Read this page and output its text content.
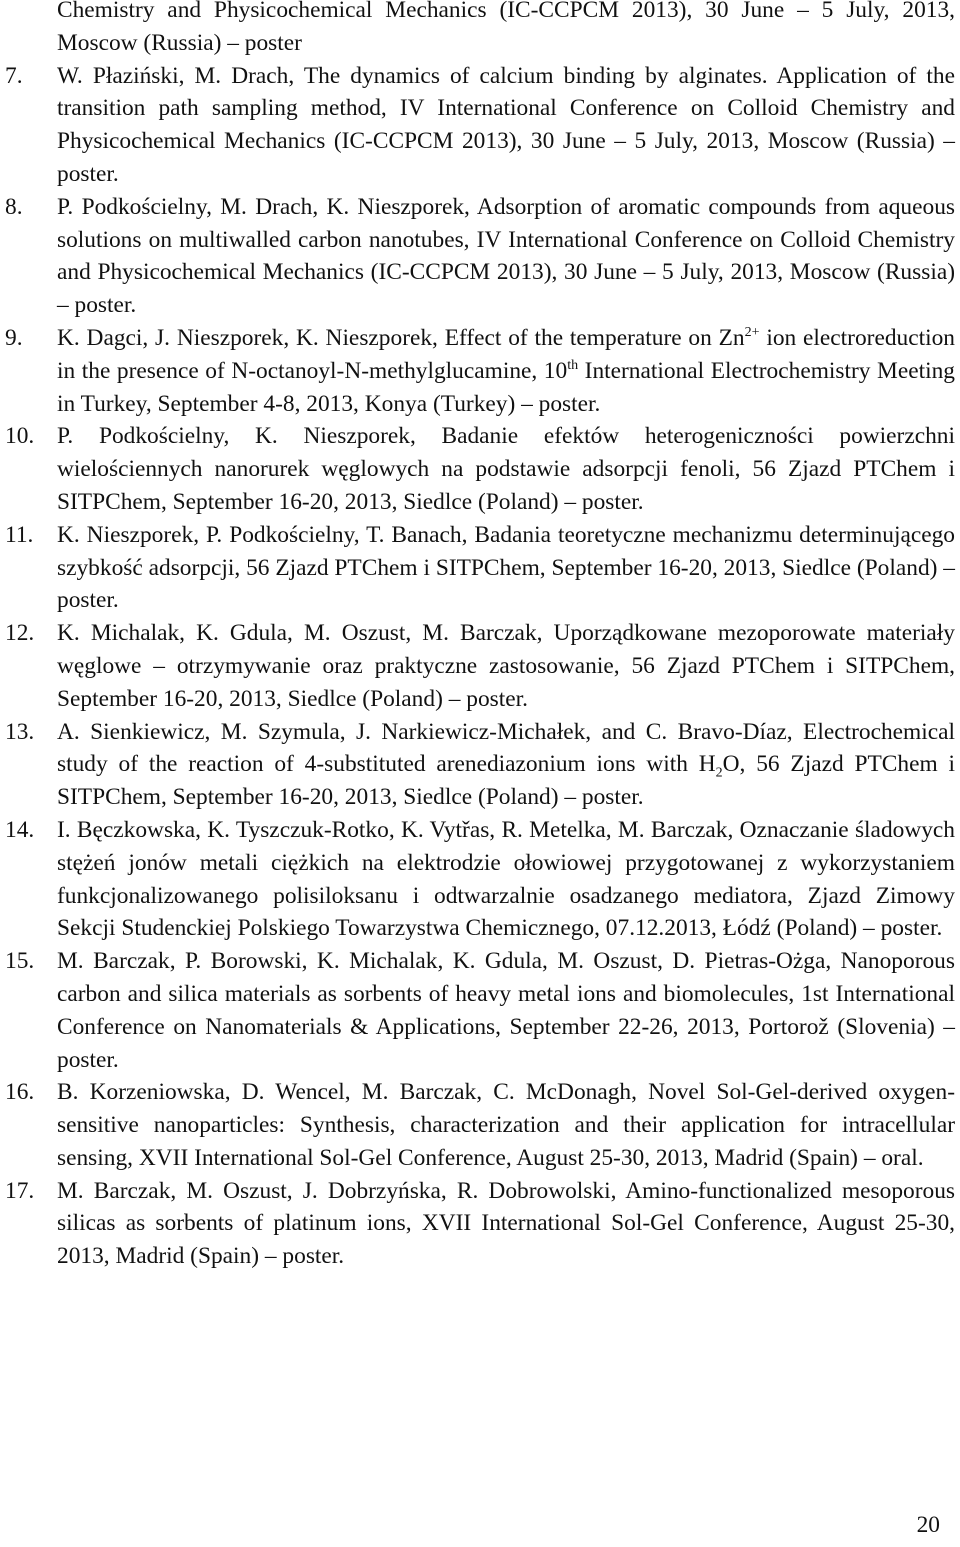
Chemistry and Physicochemical Mechanics (IC-CCPCM 2013), 30 June – 5 July, 2013, Moscow (Russia) – poster
7. W. Płaziński, M. Drach, The dynamics of calcium binding by alginates. Application of the transition path sampling method, IV International Conference on Colloid Chemistry and Physicochemical Mechanics (IC-CCPCM 2013), 30 June – 5 July, 2013, Moscow (Russia) – poster.
8. P. Podkościelny, M. Drach, K. Nieszporek, Adsorption of aromatic compounds from aqueous solutions on multiwalled carbon nanotubes, IV International Conference on Colloid Chemistry and Physicochemical Mechanics (IC-CCPCM 2013), 30 June – 5 July, 2013, Moscow (Russia) – poster.
9. K. Dagci, J. Nieszporek, K. Nieszporek, Effect of the temperature on $Zn^{2+}$ ion electroreduction in the presence of N-octanoyl-N-methylglucamine, 10th International Electrochemistry Meeting in Turkey, September 4-8, 2013, Konya (Turkey) – poster.
10. P. Podkościelny, K. Nieszporek, Badanie efektów heterogeniczności powierzchni wielościennych nanorurek węglowych na podstawie adsorpcji fenoli, 56 Zjazd PTChem i SITPChem, September 16-20, 2013, Siedlce (Poland) – poster.
11. K. Nieszporek, P. Podkościelny, T. Banach, Badania teoretyczne mechanizmu determinującego szybkość adsorpcji, 56 Zjazd PTChem i SITPChem, September 16-20, 2013, Siedlce (Poland) – poster.
12. K. Michalak, K. Gdula, M. Oszust, M. Barczak, Uporządkowane mezoporowate materiały węglowe – otrzymywanie oraz praktyczne zastosowanie, 56 Zjazd PTChem i SITPChem, September 16-20, 2013, Siedlce (Poland) – poster.
13. A. Sienkiewicz, M. Szymula, J. Narkiewicz-Michałek, and C. Bravo-Díaz, Electrochemical study of the reaction of 4-substituted arenediazonium ions with $H_2O$, 56 Zjazd PTChem i SITPChem, September 16-20, 2013, Siedlce (Poland) – poster.
14. I. Bęczkowska, K. Tyszczuk-Rotko, K. Vytřas, R. Metelka, M. Barczak, Oznaczanie śladowych stężeń jonów metali ciężkich na elektrodzie ołowiowej przygotowanej z wykorzystaniem funkcjonalizowanego polisiloksanu i odtwarzalnie osadzanego mediatora, Zjazd Zimowy Sekcji Studenckiej Polskiego Towarzystwa Chemicznego, 07.12.2013, Łódź (Poland) – poster.
15. M. Barczak, P. Borowski, K. Michalak, K. Gdula, M. Oszust, D. Pietras-Ożga, Nanoporous carbon and silica materials as sorbents of heavy metal ions and biomolecules, 1st International Conference on Nanomaterials & Applications, September 22-26, 2013, Portorož (Slovenia) – poster.
16. B. Korzeniowska, D. Wencel, M. Barczak, C. McDonagh, Novel Sol-Gel-derived oxygen-sensitive nanoparticles: Synthesis, characterization and their application for intracellular sensing, XVII International Sol-Gel Conference, August 25-30, 2013, Madrid (Spain) – oral.
17. M. Barczak, M. Oszust, J. Dobrzyńska, R. Dobrowolski, Amino-functionalized mesoporous silicas as sorbents of platinum ions, XVII International Sol-Gel Conference, August 25-30, 2013, Madrid (Spain) – poster.
20
